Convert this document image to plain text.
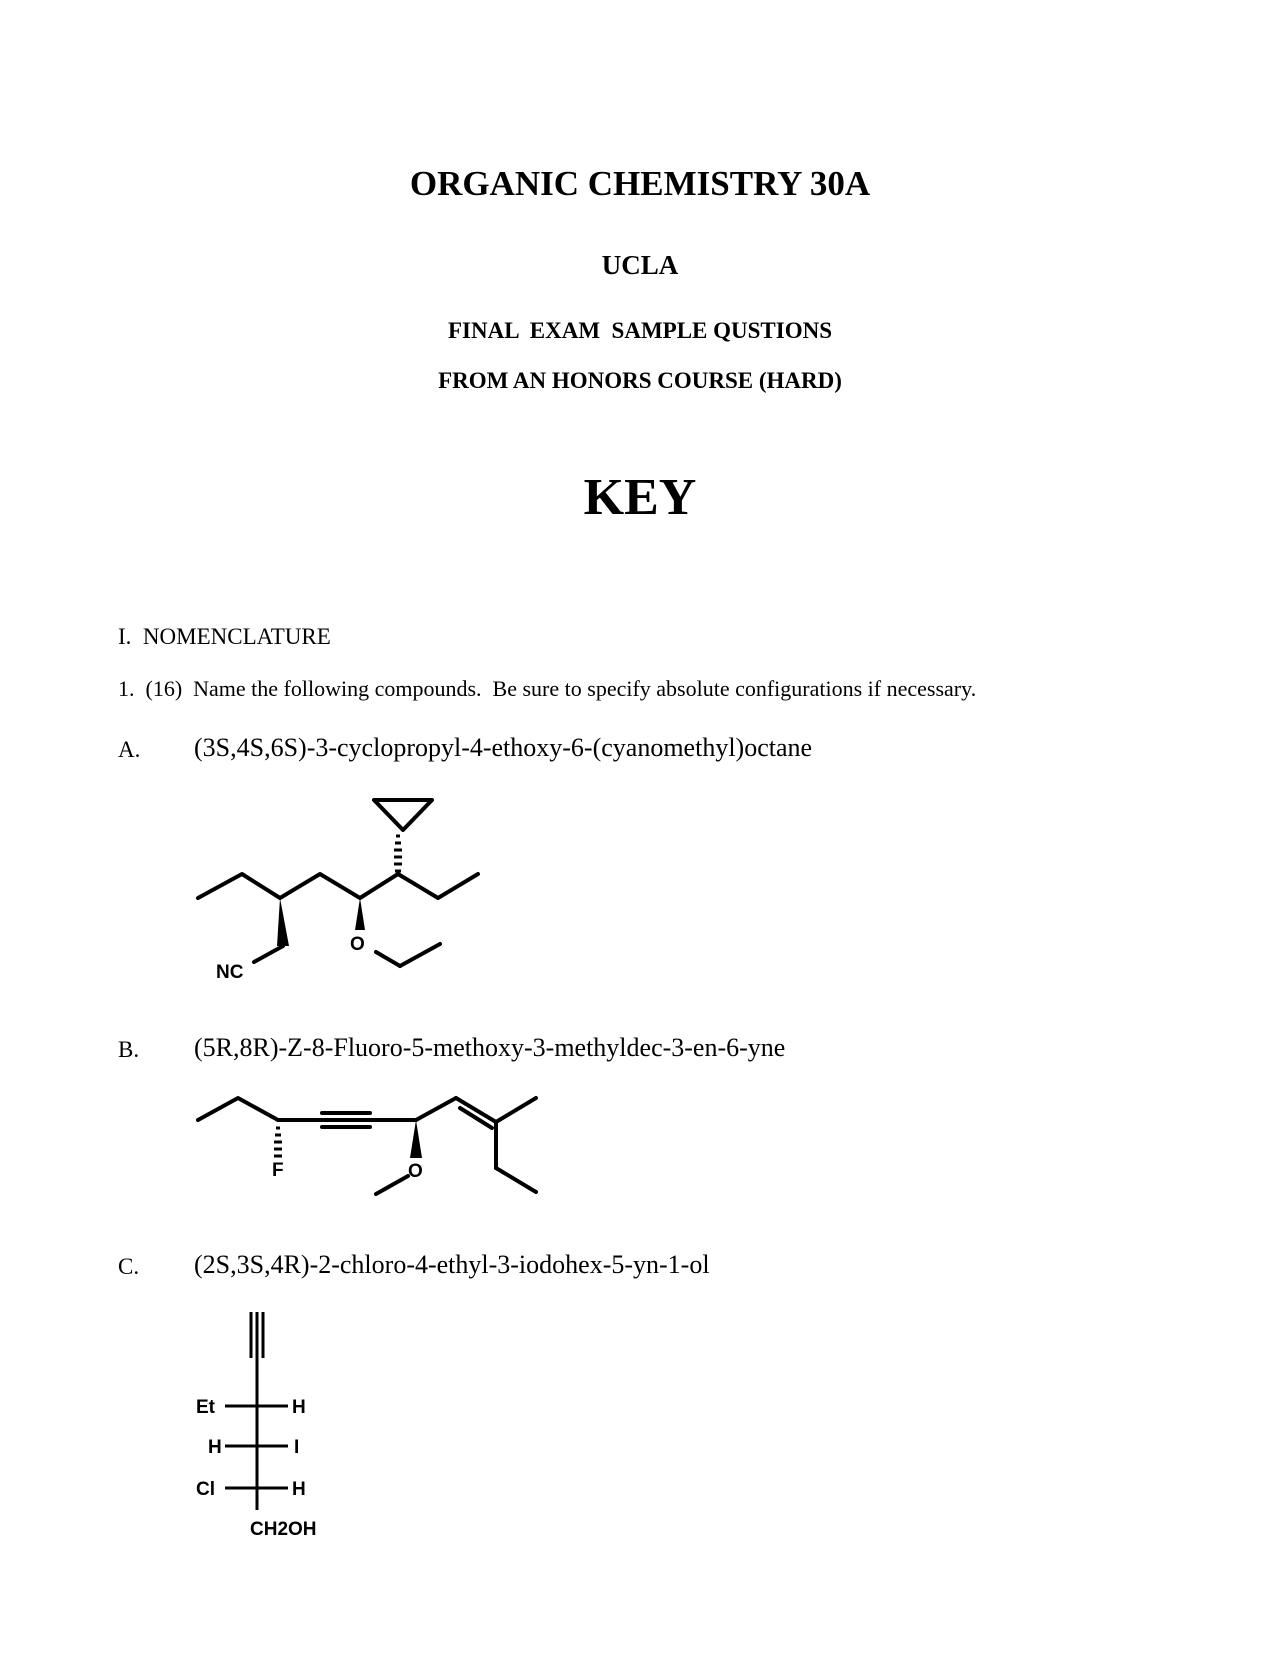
ORGANIC CHEMISTRY 30A
UCLA
FINAL  EXAM  SAMPLE QUSTIONS
FROM AN HONORS COURSE (HARD)
KEY
I.  NOMENCLATURE
1.  (16)  Name the following compounds.  Be sure to specify absolute configurations if necessary.
A. (3S,4S,6S)-3-cyclopropyl-4-ethoxy-6-(cyanomethyl)octane
NC
O
B. (5R,8R)-Z-8-Fluoro-5-methoxy-3-methyldec-3-en-6-yne
F	O
C. (2S,3S,4R)-2-chloro-4-ethyl-3-iodohex-5-yn-1-ol
Et	H
H	I
Cl	H
CH2OH
